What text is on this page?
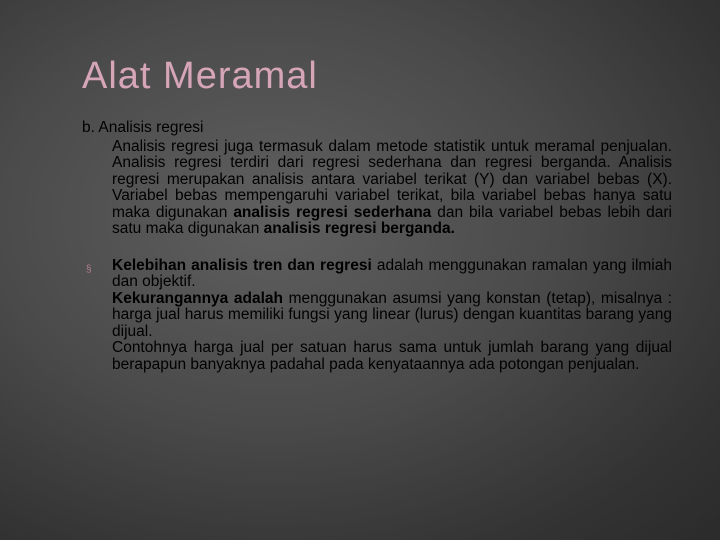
Alat Meramal

b. Analisis regresi

Analisis regresi juga termasuk dalam metode statistik untuk meramal penjualan. Analisis regresi terdiri dari regresi sederhana dan regresi berganda. Analisis regresi merupakan analisis antara variabel terikat (Y) dan variabel bebas (X). Variabel bebas mempengaruhi variabel terikat, bila variabel bebas hanya satu maka digunakan analisis regresi sederhana dan bila variabel bebas lebih dari satu maka digunakan analisis regresi berganda.

§ Kelebihan analisis tren dan regresi adalah menggunakan ramalan yang ilmiah dan objektif.

Kekurangannya adalah menggunakan asumsi yang konstan (tetap), misalnya : harga jual harus memiliki fungsi yang linear (lurus) dengan kuantitas barang yang dijual.

Contohnya harga jual per satuan harus sama untuk jumlah barang yang dijual berapapun banyaknya padahal pada kenyataannya ada potongan penjualan.
